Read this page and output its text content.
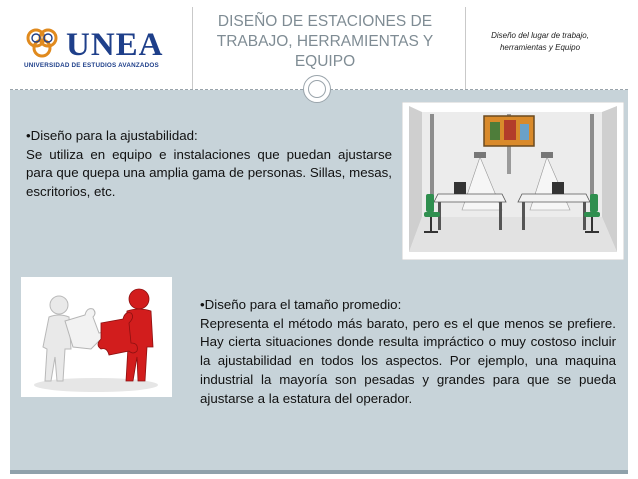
UNEA
UNIVERSIDAD DE ESTUDIOS AVANZADOS
DISEÑO DE ESTACIONES DE TRABAJO, HERRAMIENTAS Y EQUIPO
Diseño del lugar de trabajo, herramientas y Equipo
•Diseño para la ajustabilidad:
Se utiliza en equipo e instalaciones que puedan ajustarse para que quepa una amplia gama de personas. Sillas, mesas, escritorios, etc.
•Diseño para el tamaño promedio:
Representa el método más barato, pero es el que menos se prefiere. Hay cierta situaciones donde resulta impráctico o muy costoso incluir la ajustabilidad en todos los aspectos. Por ejemplo, una maquina industrial la mayoría son pesadas y grandes para que se pueda ajustarse a la estatura del operador.
